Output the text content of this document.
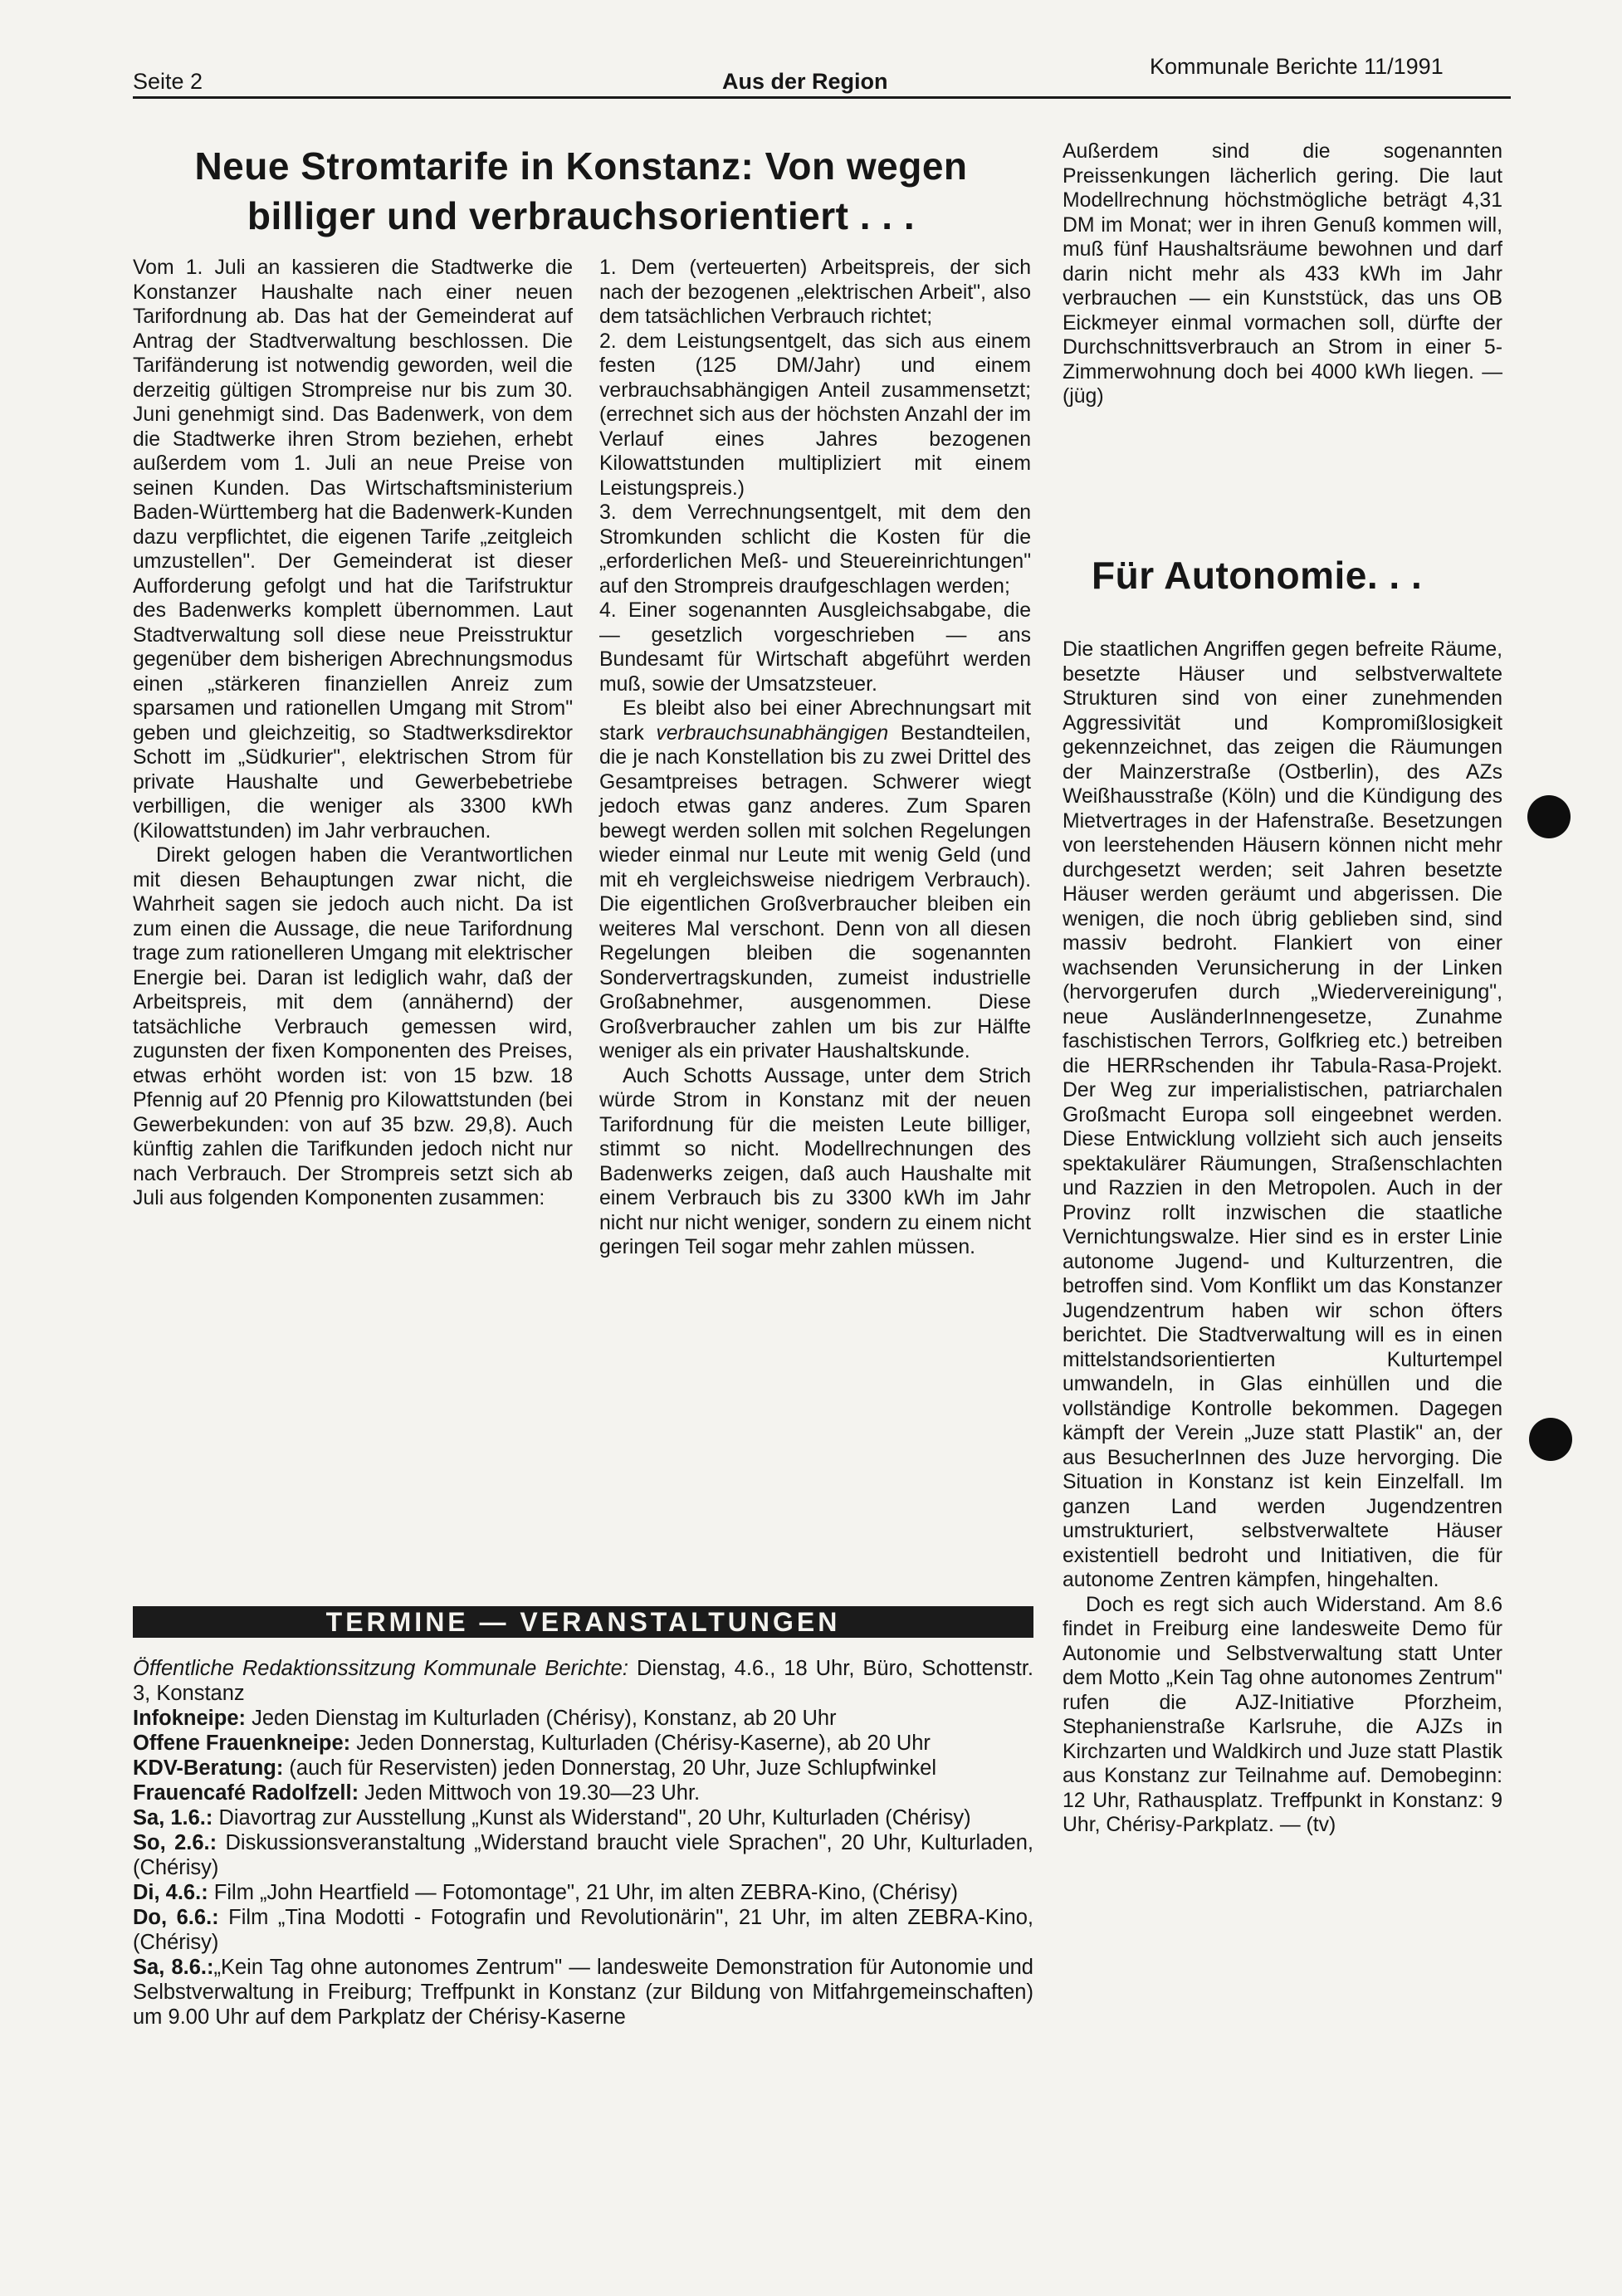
Seite 2	Aus der Region
Kommunale Berichte 11/1991
Neue Stromtarife in Konstanz: Von wegen billiger und verbrauchsorientiert . . .

Vom 1. Juli an kassieren die Stadtwerke die Konstanzer Haushalte nach einer neuen Tarifordnung ab. Das hat der Gemeinderat auf Antrag der Stadtverwaltung beschlossen. Die Tarifänderung ist notwendig geworden, weil die derzeitig gültigen Strompreise nur bis zum 30. Juni genehmigt sind. Das Badenwerk, von dem die Stadtwerke ihren Strom beziehen, erhebt außerdem vom 1. Juli an neue Preise von seinen Kunden. Das Wirtschaftsministerium Baden-Württemberg hat die Badenwerk-Kunden dazu verpflichtet, die eigenen Tarife „zeitgleich umzustellen". Der Gemeinderat ist dieser Aufforderung gefolgt und hat die Tarifstruktur des Badenwerks komplett übernommen. Laut Stadtverwaltung soll diese neue Preisstruktur gegenüber dem bisherigen Abrechnungsmodus einen „stärkeren finanziellen Anreiz zum sparsamen und rationellen Umgang mit Strom" geben und gleichzeitig, so Stadtwerksdirektor Schott im „Südkurier", elektrischen Strom für private Haushalte und Gewerbebetriebe verbilligen, die weniger als 3300 kWh (Kilowattstunden) im Jahr verbrauchen.

Direkt gelogen haben die Verantwortlichen mit diesen Behauptungen zwar nicht, die Wahrheit sagen sie jedoch auch nicht. Da ist zum einen die Aussage, die neue Tarifordnung trage zum rationelleren Umgang mit elektrischer Energie bei. Daran ist lediglich wahr, daß der Arbeitspreis, mit dem (annähernd) der tatsächliche Verbrauch gemessen wird, zugunsten der fixen Komponenten des Preises, etwas erhöht worden ist: von 15 bzw. 18 Pfennig auf 20 Pfennig pro Kilowattstunden (bei Gewerbekunden: von auf 35 bzw. 29,8). Auch künftig zahlen die Tarifkunden jedoch nicht nur nach Verbrauch. Der Strompreis setzt sich ab Juli aus folgenden Komponenten zusammen:

1. Dem (verteuerten) Arbeitspreis, der sich nach der bezogenen „elektrischen Arbeit", also dem tatsächlichen Verbrauch richtet;

2. dem Leistungsentgelt, das sich aus einem festen (125 DM/Jahr) und einem verbrauchsabhängigen Anteil zusammensetzt; (errechnet sich aus der höchsten Anzahl der im Verlauf eines Jahres bezogenen Kilowattstunden multipliziert mit einem Leistungspreis.)

3. dem Verrechnungsentgelt, mit dem den Stromkunden schlicht die Kosten für die „erforderlichen Meß- und Steuereinrichtungen" auf den Strompreis draufgeschlagen werden;

4. Einer sogenannten Ausgleichsabgabe, die — gesetzlich vorgeschrieben — ans Bundesamt für Wirtschaft abgeführt werden muß, sowie der Umsatzsteuer.

Es bleibt also bei einer Abrechnungsart mit stark verbrauchsunabhängigen Bestandteilen, die je nach Konstellation bis zu zwei Drittel des Gesamtpreises betragen. Schwerer wiegt jedoch etwas ganz anderes. Zum Sparen bewegt werden sollen mit solchen Regelungen wieder einmal nur Leute mit wenig Geld (und mit eh vergleichsweise niedrigem Verbrauch). Die eigentlichen Großverbraucher bleiben ein weiteres Mal verschont. Denn von all diesen Regelungen bleiben die sogenannten Sondervertragskunden, zumeist industrielle Großabnehmer, ausgenommen. Diese Großverbraucher zahlen um bis zur Hälfte weniger als ein privater Haushaltskunde.

Auch Schotts Aussage, unter dem Strich würde Strom in Konstanz mit der neuen Tarifordnung für die meisten Leute billiger, stimmt so nicht. Modellrechnungen des Badenwerks zeigen, daß auch Haushalte mit einem Verbrauch bis zu 3300 kWh im Jahr nicht nur nicht weniger, sondern zu einem nicht geringen Teil sogar mehr zahlen müssen.

Außerdem sind die sogenannten Preissenkungen lächerlich gering. Die laut Modellrechnung höchstmögliche beträgt 4,31 DM im Monat; wer in ihren Genuß kommen will, muß fünf Haushaltsräume bewohnen und darf darin nicht mehr als 433 kWh im Jahr verbrauchen — ein Kunststück, das uns OB Eickmeyer einmal vormachen soll, dürfte der Durchschnittsverbrauch an Strom in einer 5-Zimmerwohnung doch bei 4000 kWh liegen. — (jüg)

Für Autonomie. . .

Die staatlichen Angriffen gegen befreite Räume, besetzte Häuser und selbstverwaltete Strukturen sind von einer zunehmenden Aggressivität und Kompromißlosigkeit gekennzeichnet, das zeigen die Räumungen der Mainzerstraße (Ostberlin), des AZs Weißhausstraße (Köln) und die Kündigung des Mietvertrages in der Hafenstraße. Besetzungen von leerstehenden Häusern können nicht mehr durchgesetzt werden; seit Jahren besetzte Häuser werden geräumt und abgerissen. Die wenigen, die noch übrig geblieben sind, sind massiv bedroht. Flankiert von einer wachsenden Verunsicherung in der Linken (hervorgerufen durch „Wiedervereinigung", neue AusländerInnengesetze, Zunahme faschistischen Terrors, Golfkrieg etc.) betreiben die HERRschenden ihr Tabula-Rasa-Projekt. Der Weg zur imperialistischen, patriarchalen Großmacht Europa soll eingeebnet werden. Diese Entwicklung vollzieht sich auch jenseits spektakulärer Räumungen, Straßenschlachten und Razzien in den Metropolen. Auch in der Provinz rollt inzwischen die staatliche Vernichtungswalze. Hier sind es in erster Linie autonome Jugend- und Kulturzentren, die betroffen sind. Vom Konflikt um das Konstanzer Jugendzentrum haben wir schon öfters berichtet. Die Stadtverwaltung will es in einen mittelstandsorientierten Kulturtempel umwandeln, in Glas einhüllen und die vollständige Kontrolle bekommen. Dagegen kämpft der Verein „Juze statt Plastik" an, der aus BesucherInnen des Juze hervorging. Die Situation in Konstanz ist kein Einzelfall. Im ganzen Land werden Jugendzentren umstrukturiert, selbstverwaltete Häuser existentiell bedroht und Initiativen, die für autonome Zentren kämpfen, hingehalten.

Doch es regt sich auch Widerstand. Am 8.6 findet in Freiburg eine landesweite Demo für Autonomie und Selbstverwaltung statt Unter dem Motto „Kein Tag ohne autonomes Zentrum" rufen die AJZ-Initiative Pforzheim, Stephanienstraße Karlsruhe, die AJZs in Kirchzarten und Waldkirch und Juze statt Plastik aus Konstanz zur Teilnahme auf. Demobeginn: 12 Uhr, Rathausplatz. Treffpunkt in Konstanz: 9 Uhr, Chérisy-Parkplatz. — (tv)

TERMINE — VERANSTALTUNGEN

Öffentliche Redaktionssitzung Kommunale Berichte: Dienstag, 4.6., 18 Uhr, Büro, Schottenstr. 3, Konstanz

Infokneipe: Jeden Dienstag im Kulturladen (Chérisy), Konstanz, ab 20 Uhr

Offene Frauenkneipe: Jeden Donnerstag, Kulturladen (Chérisy-Kaserne), ab 20 Uhr

KDV-Beratung: (auch für Reservisten) jeden Donnerstag, 20 Uhr, Juze Schlupfwinkel

Frauencafé Radolfzell: Jeden Mittwoch von 19.30—23 Uhr.

Sa, 1.6.: Diavortrag zur Ausstellung „Kunst als Widerstand", 20 Uhr, Kulturladen (Chérisy)

So, 2.6.: Diskussionsveranstaltung „Widerstand braucht viele Sprachen", 20 Uhr, Kulturladen, (Chérisy)

Di, 4.6.: Film „John Heartfield — Fotomontage", 21 Uhr, im alten ZEBRA-Kino, (Chérisy)

Do, 6.6.: Film „Tina Modotti - Fotografin und Revolutionärin", 21 Uhr, im alten ZEBRA-Kino, (Chérisy)

Sa, 8.6.:„Kein Tag ohne autonomes Zentrum" — landesweite Demonstration für Autonomie und Selbstverwaltung in Freiburg; Treffpunkt in Konstanz (zur Bildung von Mitfahrgemeinschaften) um 9.00 Uhr auf dem Parkplatz der Chérisy-Kaserne
